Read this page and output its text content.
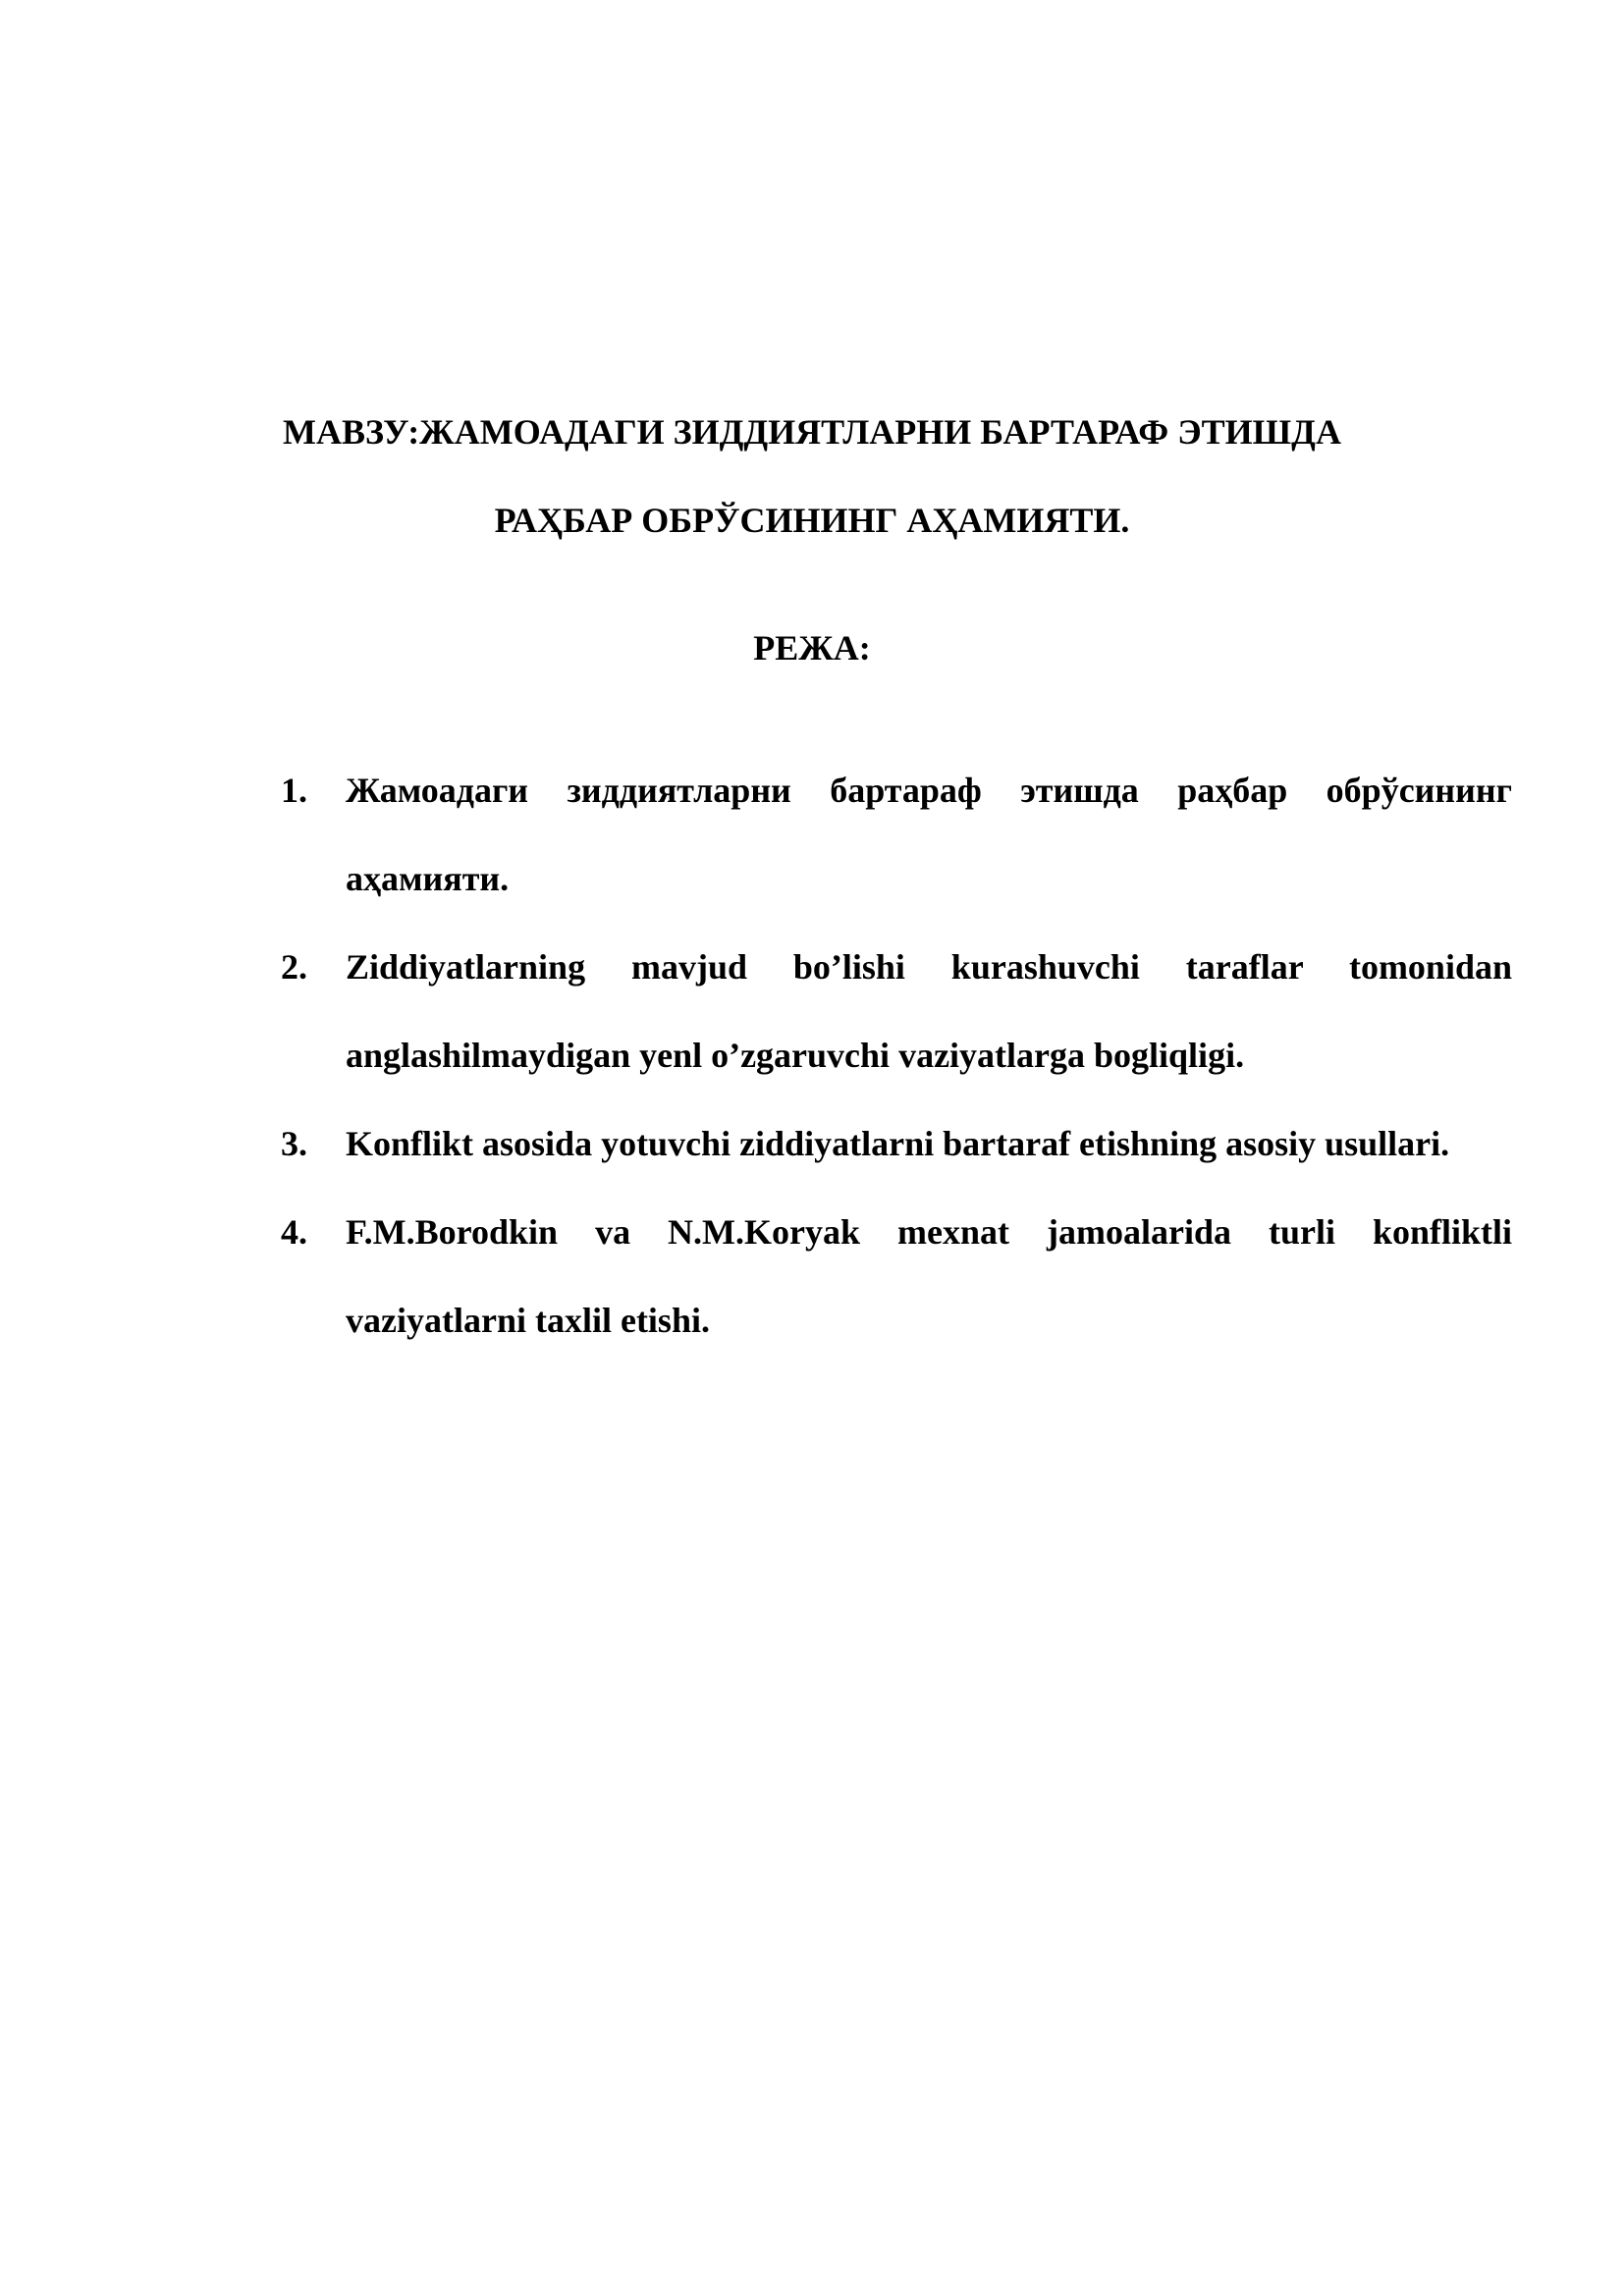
МАВЗУ:ЖАМОАДАГИ ЗИДДИЯТЛАРНИ БАРТАРАФ ЭТИШДА
РАҲБАР ОБРЎСИНИНГ АҲАМИЯТИ.
РЕЖА:
1. Жамоадаги зиддиятларни бартараф этишда раҳбар обрўсининг аҳамияти.
2. Ziddiyatlarning mavjud bo’lishi kurashuvchi taraflar tomonidan anglashilmaydigan yenl o’zgaruvchi vaziyatlarga bogliqligi.
3. Konflikt asosida yotuvchi ziddiyatlarni bartaraf etishning asosiy usullari.
4. F.M.Borodkin va N.M.Koryak mexnat jamoalarida turli konfliktli vaziyatlarni taxlil etishi.
